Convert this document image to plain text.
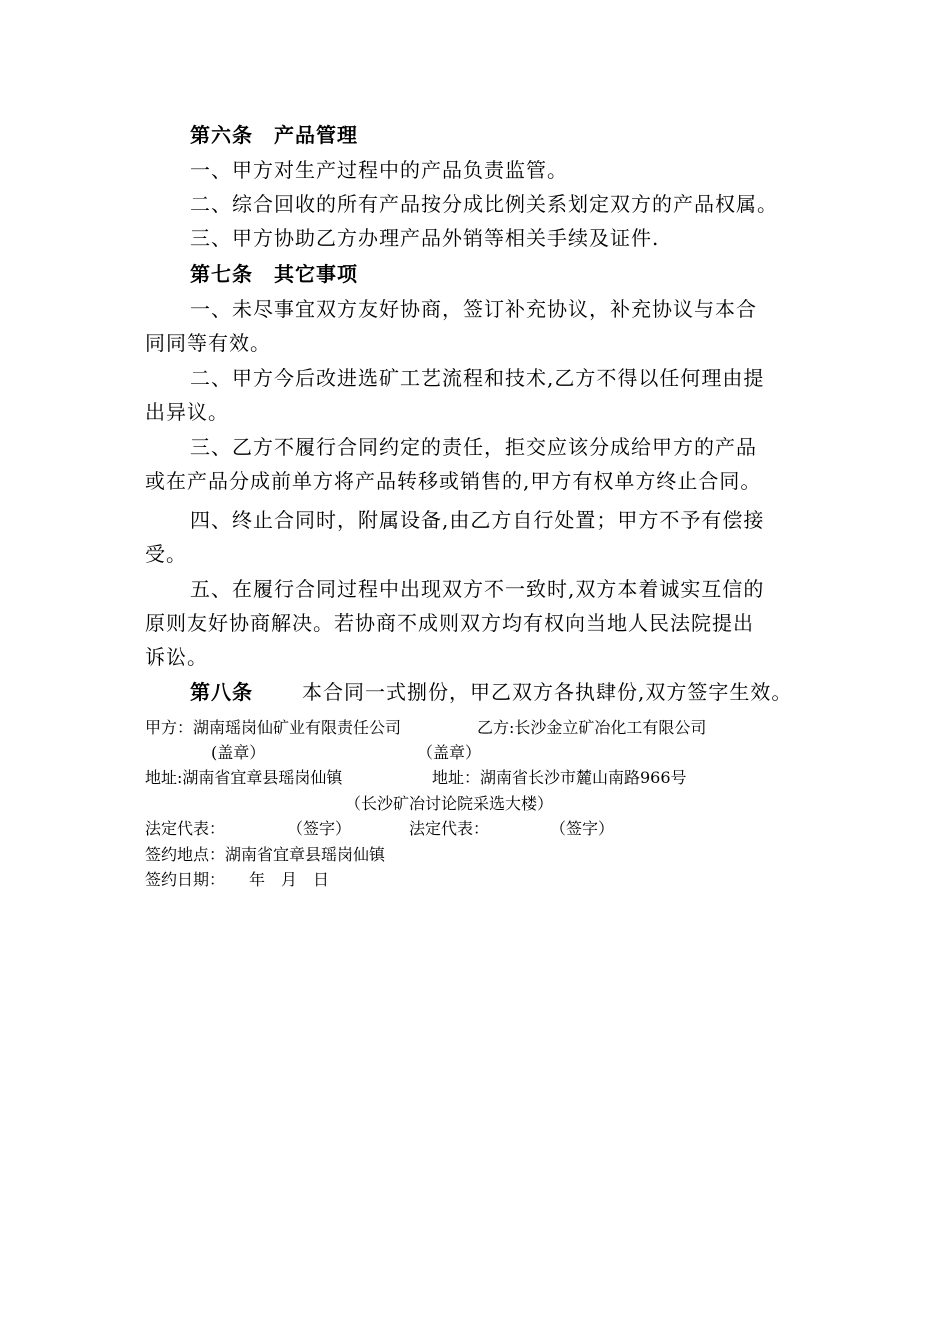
第六条　产品管理
一、甲方对生产过程中的产品负责监管。
二、综合回收的所有产品按分成比例关系划定双方的产品权属。
三、甲方协助乙方办理产品外销等相关手续及证件.
第七条　其它事项
一、未尽事宜双方友好协商，签订补充协议，补充协议与本合
同同等有效。
二、甲方今后改进选矿工艺流程和技术,乙方不得以任何理由提
出异议。
三、乙方不履行合同约定的责任，拒交应该分成给甲方的产品
或在产品分成前单方将产品转移或销售的,甲方有权单方终止合同。
四、终止合同时，附属设备,由乙方自行处置；甲方不予有偿接
受。
五、在履行合同过程中出现双方不一致时,双方本着诚实互信的
原则友好协商解决。若协商不成则双方均有权向当地人民法院提出
诉讼。
第八条 本合同一式捌份，甲乙双方各执肆份,双方签字生效。
甲方：湖南瑶岗仙矿业有限责任公司	乙方:长沙金立矿冶化工有限公司
(盖章）	（盖章）
地址:湖南省宜章县瑶岗仙镇	地址：湖南省长沙市麓山南路966号
（长沙矿冶讨论院采选大楼）
法定代表：	（签字）	法定代表：	（签字）
签约地点：湖南省宜章县瑶岗仙镇
签约日期：　　年　月　日
